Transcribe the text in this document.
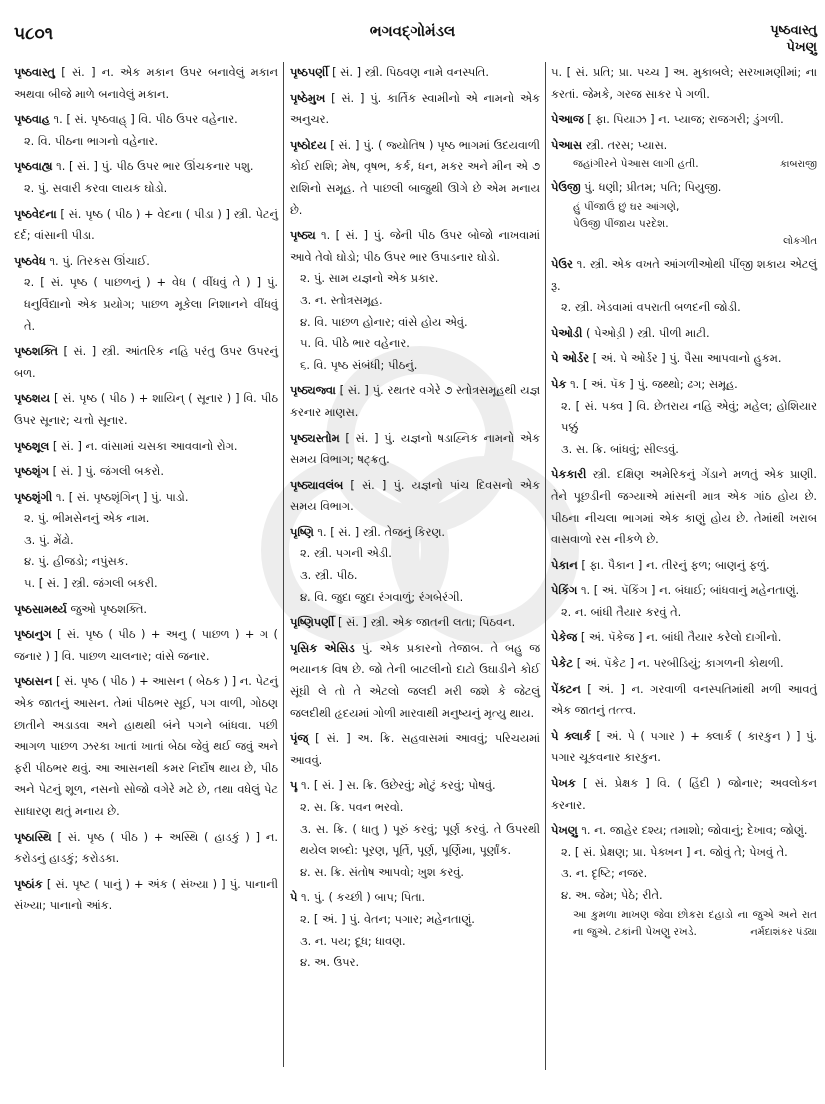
૫૮૦૧	ભગવદ્ગોમંડલ	પૃષ્ઠવાસ્તુ
પેખણુ
પૃષ્ઠવાસ્તુ [ સં. ] ન. એક મકાન ઉપર બનાવેલું મકાન અથવા બીજે માળે બનાવેલું મકાન.
પૃષ્ઠવાહ ૧. [ સં. પૃષ્ઠવાહ્ ] વિ. પીઠ ઉપર વહેનાર.
૨. વિ. પીઠના ભાગનો વહેનાર.
પૃષ્ઠવાહ્ય ૧. [ સં. ] પું. પીઠ ઉપર ભાર ઊંચકનાર પશુ.
૨. પું. સવારી કરવા લાયક ઘોડો.
પૃષ્ઠવેદના [ સં. પૃષ્ઠ ( પીઠ ) + વેદના ( પીડા ) ] સ્ત્રી. પેટનું દર્દ; વાંસાની પીડા.
પૃષ્ઠવેધ ૧. પું. તિરકસ ઊંચાઈ.
૨. [ સં. પૃષ્ઠ ( પાછળનું ) + વેધ ( વીંધવું તે ) ] પું. ધનુર્વિદ્યાનો એક પ્રયોગ; પાછળ મૂકેલા નિશાનને વીંધવું તે.
પૃષ્ઠશક્તિ [ સં. ] સ્ત્રી. આંતરિક નહિ પરંતુ ઉપર ઉપરનું બળ.
પૃષ્ઠશય [ સં. પૃષ્ઠ ( પીઠ ) + શાયિન્ ( સૂનાર ) ] વિ. પીઠ ઉપર સૂનાર; ચત્તો સૂનાર.
પૃષ્ઠશૂલ [ સં. ] ન. વાંસામાં ચસકા આવવાનો રોગ.
પૃષ્ઠશૃંગ [ સં. ] પું. જંગલી બકરો.
પૃષ્ઠશૃંગી ૧. [ સં. પૃષ્ઠશૃંગિન્ ] પું. પાડો.
૨. પું. ભીમસેનનું એક નામ.
૩. પું. મેંઢો.
૪. પું. હીજડો; નપુંસક.
૫. [ સં. ] સ્ત્રી. જંગલી બકરી.
પૃષ્ઠસામર્થ્ય જુઓ પૃષ્ઠશક્તિ.
પૃષ્ઠાનુગ [ સં. પૃષ્ઠ ( પીઠ ) + અનુ ( પાછળ ) + ગ ( જનાર ) ] વિ. પાછળ ચાલનાર; વાંસે જનાર.
પૃષ્ઠાસન [ સં. પૃષ્ઠ ( પીઠ ) + આસન ( બેઠક ) ] ન. પેટનું એક જાતનું આસન. તેમાં પીઠભર સૂઈ, પગ વાળી, ગોઠણ છાતીને અડાડવા અને હાથથી બંને પગને બાંધવા. પછી આગળ પાછળ ઝરકા ખાતાં ખાતાં બેઠા જેવું થઈ જવું અને ફરી પીઠભર થવું. આ આસનથી કમર નિર્દોષ થાય છે, પીઠ અને પેટનું શૂળ, નસનો સોજો વગેરે મટે છે, તથા વધેલું પેટ સાધારણ થતું મનાય છે.
પૃષ્ઠાસ્થિ [ સં. પૃષ્ઠ ( પીઠ ) + અસ્થિ ( હાડકું ) ] ન. કરોડનું હાડકું; કરોડકા.
પૃષ્ઠાંક [ સં. પૃષ્ટ ( પાનું ) + અંક ( સંખ્યા ) ] પું. પાનાની સંખ્યા; પાનાનો આંક.
પૃષ્ઠપર્ણી [ સં. ] સ્ત્રી. પિઠવણ નામે વનસ્પતિ.
પૃષ્ઠેમુખ [ સં. ] પું. કાર્તિક સ્વામીનો એ નામનો એક અનુચર.
પૃષ્ઠોદય [ સં. ] પું. ( જ્યોતિષ ) પૃષ્ઠ ભાગમાં ઉદયવાળી કોઈ રાશિ; મેષ, વૃષભ, કર્ક, ધન, મકર અને મીન એ ૭ રાશિનો સમૂહ. તે પાછલી બાજુથી ઊગે છે એમ મનાય છે.
પૃષ્ઠ્ય ૧. [ સં. ] પું. જેની પીઠ ઉપર બોજો નાખવામાં આવે તેવો ઘોડો; પીઠ ઉપર ભાર ઉપાડનાર ઘોડો.
૨. પું. સામ યજ્ઞનો એક પ્રકાર.
૩. ન. સ્તોત્રસમૂહ.
૪. વિ. પાછળ હોનાર; વાંસે હોય એવું.
૫. વિ. પીઠે ભાર વહેનાર.
૬. વિ. પૃષ્ઠ સંબંધી; પીઠનું.
પૃષ્ઠ્યજ્વા [ સં. ] પું. રથતર વગેરે ૭ સ્તોત્રસમૂહથી યજ્ઞ કરનાર માણસ.
પૃષ્ઠ્યસ્તોમ [ સં. ] પું. યજ્ઞનો ષડાહ્નિક નામનો એક સમય વિભાગ; ષટ્ક્રતુ.
પૃષ્ઠ્યાવલંબ [ સં. ] પું. યજ્ઞનો પાંચ દિવસનો એક સમય વિભાગ.
પૃષ્ણિ ૧. [ સં. ] સ્ત્રી. તેજનું કિરણ.
૨. સ્ત્રી. પગની એડી.
૩. સ્ત્રી. પીઠ.
૪. વિ. જુદા જુદા રંગવાળું; રંગબેરંગી.
પૃષ્ણિપર્ણી [ સં. ] સ્ત્રી. એક જાતની લતા; પિઠવન.
પૃસિક એસિડ પું. એક પ્રકારનો તેજાબ. તે બહુ જ ભયાનક વિષ છે. જો તેની બાટલીનો દાટો ઉઘાડીને કોઈ સૂંઘી લે તો તે એટલો જલદી મરી જશે કે જેટલું જલદીથી હૃદયમાં ગોળી મારવાથી મનુષ્યનું મૃત્યુ થાય.
પૃંજ્ [ સં. ] અ. ક્રિ. સહવાસમાં આવવું; પરિચયમાં આવવું.
પૄ ૧. [ સં. ] સ. ક્રિ. ઉછેરવું; મોટું કરવું; પોષવું.
૨. સ. ક્રિ. પવન ભરવો.
૩. સ. ક્રિ. ( ધાતુ ) પૂરું કરવું; પૂર્ણ કરવું. તે ઉપરથી થયેલ શબ્દો: પૂરણ, પૂર્તિ, પૂર્ણ, પૂર્ણિમા, પૂર્ણાંક.
૪. સ. ક્રિ. સંતોષ આપવો; ખુશ કરવું.
પે ૧. પું. ( કચ્છી ) બાપ; પિતા.
૨. [ અં. ] પું. વેતન; પગાર; મહેનતાણું.
૩. ન. પય; દૂધ; ધાવણ.
૪. અ. ઉપર.
૫. [ સં. પ્રતિ; પ્રા. પચ્ચ ] અ. મુકાબલે; સરખામણીમાં; ના કરતાં. જેમકે, ગરજ સાકર પે ગળી.
પેઆજ [ ફા. પિયાઝ ] ન. પ્યાજ; રાજગરી; ડુંગળી.
પેઆસ સ્ત્રી. તરસ; પ્યાસ.
જહાંગીરને પેઆસ લાગી હતી.	કાબરાજી
પેઉજી પું. ધણી; પ્રીતમ; પતિ; પિયુજી.
હું પીંજાઉં છું ઘર આંગણે,
પેઉજી પીંજાય પરદેશ.
લોકગીત
પેઉર ૧. સ્ત્રી. એક વખતે આંગળીઓથી પીંજી શકાય એટલું રૂ.
૨. સ્ત્રી. ખેડવામાં વપરાતી બળદની જોડી.
પેઓડી ( પેઓડ઼ી ) સ્ત્રી. પીળી માટી.
પે ઓર્ડર [ અં. પે ઓર્ડર ] પું. પૈસા આપવાનો હુકમ.
પેક ૧. [ અં. પૅક ] પું. જથ્થો; ઢગ; સમૂહ.
૨. [ સં. પક્વ ] વિ. છેતરાય નહિ એવું; મહેલ; હોશિયાર પક્કું
૩. સ. ક્રિ. બાંધવું; સીલ્ડવું.
પેકકારી સ્ત્રી. દક્ષિણ અમેરિકનું ગેંડાને મળતું એક પ્રાણી. તેને પૂછડીની જગ્યાએ માંસની માત્ર એક ગાંઠ હોય છે. પીઠના નીચલા ભાગમાં એક કાણું હોય છે. તેમાંથી ખરાબ વાસવાળો રસ નીકળે છે.
પેકાન [ ફા. પૈકાન ] ન. તીરનું ફળ; બાણનું ફળું.
પેકિંગ ૧. [ અં. પૅકિંગ ] ન. બંધાઈ; બાંધવાનું મહેનતાણું.
૨. ન. બાંધી તૈયાર કરવું તે.
પેકેજ [ અં. પૅકેજ ] ન. બાંધી તૈયાર કરેલો દાગીનો.
પેકેટ [ અં. પૅકેટ ] ન. પરબીડિયું; કાગળની કોથળી.
પેંક્ટન [ અં. ] ન. ગરવાળી વનસ્પતિમાંથી મળી આવતું એક જાતનું તત્ત્વ.
પે ક્લાર્ક [ અં. પે ( પગાર ) + ક્લાર્ક ( કારકુન ) ] પું. પગાર ચૂકવનાર કારકુન.
પેખક [ સં. પ્રેક્ષક ] વિ. ( હિંદી ) જોનાર; અવલોકન કરનાર.
પેખણુ ૧. ન. જાહેર દશ્ય; તમાશો; જોવાનું; દેખાવ; જોણું.
૨. [ સં. પ્રેક્ષણ; પ્રા. પેક્ખન ] ન. જોવું તે; પેખવું તે.
૩. ન. દૃષ્ટિ; નજર.
૪. અ. જેમ; પેઠે; રીતે.
આ કુમળા માખણ જેવા છોકરા દહાડો ના જુએ અને રાત ના જુએ. ટકાંની પેખણુ રખડે.	નર્મદાશંકર પંડ્યા
